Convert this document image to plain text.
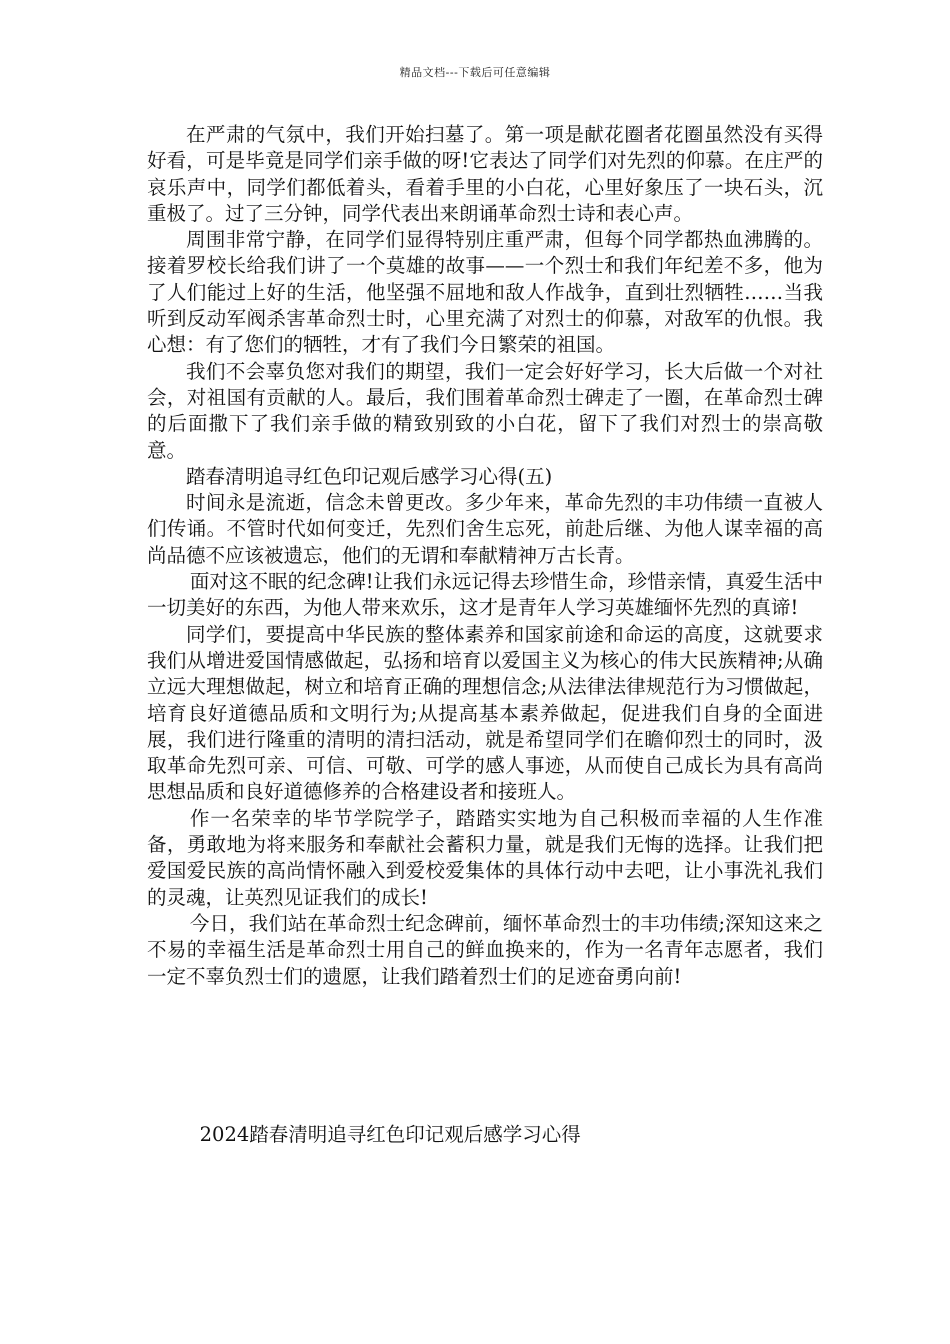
精品文档---下载后可任意编辑

在严肃的气氛中，我们开始扫墓了。第一项是献花圈者花圈虽然没有买得好看，可是毕竟是同学们亲手做的呀!它表达了同学们对先烈的仰慕。在庄严的哀乐声中，同学们都低着头，看着手里的小白花，心里好象压了一块石头，沉重极了。过了三分钟，同学代表出来朗诵革命烈士诗和表心声。

周围非常宁静，在同学们显得特别庄重严肃，但每个同学都热血沸腾的。接着罗校长给我们讲了一个莫雄的故事——一个烈士和我们年纪差不多，他为了人们能过上好的生活，他坚强不屈地和敌人作战争，直到壮烈牺牲……当我听到反动军阀杀害革命烈士时，心里充满了对烈士的仰慕，对敌军的仇恨。我心想：有了您们的牺牲，才有了我们今日繁荣的祖国。

我们不会辜负您对我们的期望，我们一定会好好学习，长大后做一个对社会，对祖国有贡献的人。最后，我们围着革命烈士碑走了一圈，在革命烈士碑的后面撒下了我们亲手做的精致别致的小白花，留下了我们对烈士的崇高敬意。

踏春清明追寻红色印记观后感学习心得(五)

时间永是流逝，信念未曾更改。多少年来，革命先烈的丰功伟绩一直被人们传诵。不管时代如何变迁，先烈们舍生忘死，前赴后继、为他人谋幸福的高尚品德不应该被遗忘，他们的无谓和奉献精神万古长青。

面对这不眠的纪念碑!让我们永远记得去珍惜生命，珍惜亲情，真爱生活中一切美好的东西，为他人带来欢乐，这才是青年人学习英雄缅怀先烈的真谛!

同学们，要提高中华民族的整体素养和国家前途和命运的高度，这就要求我们从增进爱国情感做起，弘扬和培育以爱国主义为核心的伟大民族精神;从确立远大理想做起，树立和培育正确的理想信念;从法律法律规范行为习惯做起，培育良好道德品质和文明行为;从提高基本素养做起，促进我们自身的全面进展，我们进行隆重的清明的清扫活动，就是希望同学们在瞻仰烈士的同时，汲取革命先烈可亲、可信、可敬、可学的感人事迹，从而使自己成长为具有高尚思想品质和良好道德修养的合格建设者和接班人。

作一名荣幸的毕节学院学子，踏踏实实地为自己积极而幸福的人生作准备，勇敢地为将来服务和奉献社会蓄积力量，就是我们无悔的选择。让我们把爱国爱民族的高尚情怀融入到爱校爱集体的具体行动中去吧，让小事洗礼我们的灵魂，让英烈见证我们的成长!

今日，我们站在革命烈士纪念碑前，缅怀革命烈士的丰功伟绩;深知这来之不易的幸福生活是革命烈士用自己的鲜血换来的，作为一名青年志愿者，我们一定不辜负烈士们的遗愿，让我们踏着烈士们的足迹奋勇向前!

2024踏春清明追寻红色印记观后感学习心得
